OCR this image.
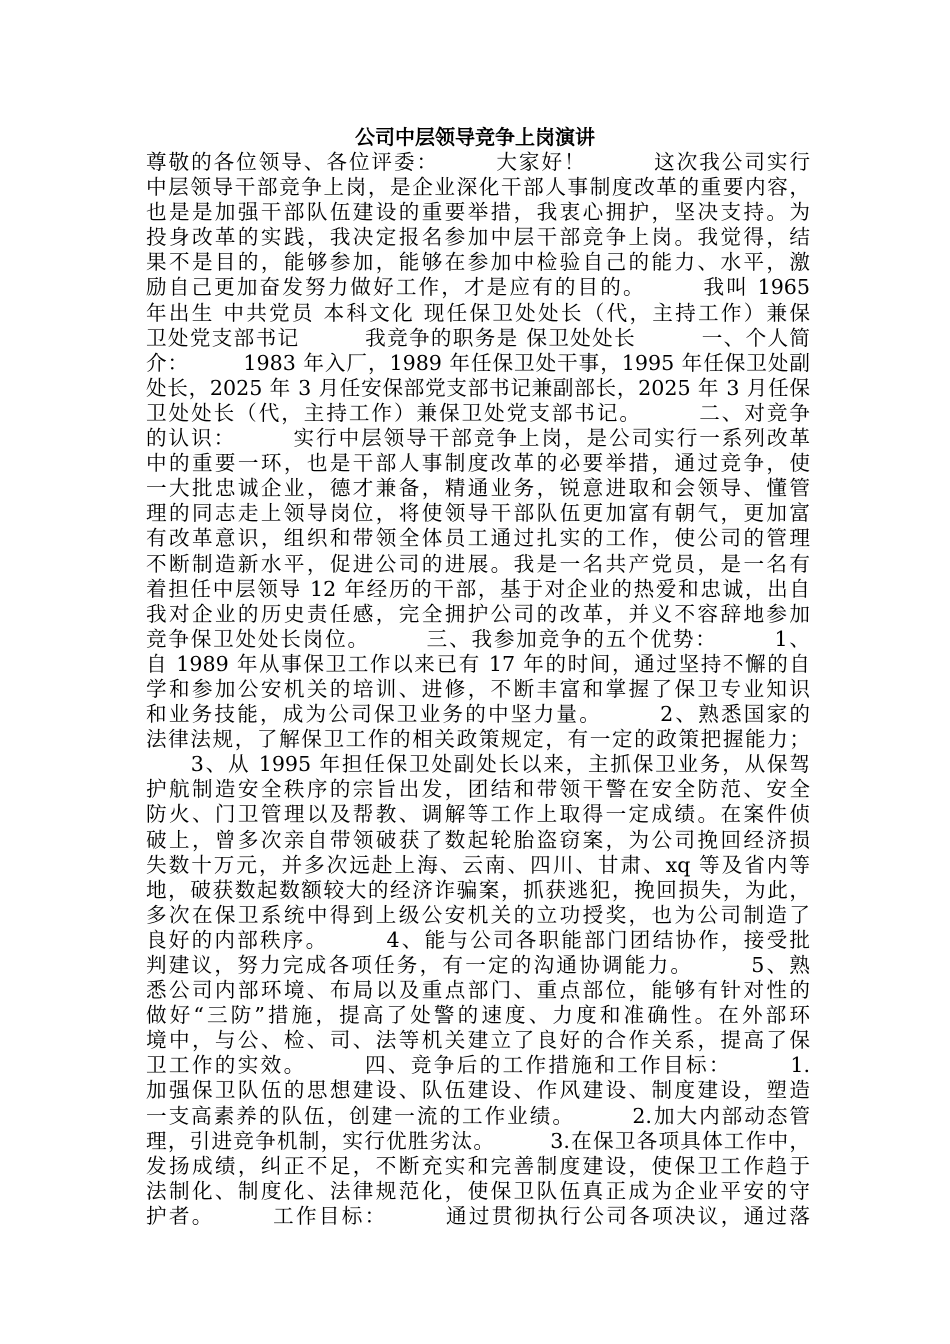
公司中层领导竞争上岗演讲
尊敬的各位领导、各位评委：　　　大家好！　　　这次我公司实行
中层领导干部竞争上岗，是企业深化干部人事制度改革的重要内容，
也是是加强干部队伍建设的重要举措，我衷心拥护，坚决支持。为
投身改革的实践，我决定报名参加中层干部竞争上岗。我觉得，结
果不是目的，能够参加，能够在参加中检验自己的能力、水平，激
励自己更加奋发努力做好工作，才是应有的目的。　　　我叫 1965
年出生 中共党员 本科文化 现任保卫处处长（代，主持工作）兼保
卫处党支部书记　　　我竞争的职务是 保卫处处长　　　一、个人简
介：　　　1983 年入厂，1989 年任保卫处干事，1995 年任保卫处副
处长，2025 年 3 月任安保部党支部书记兼副部长，2025 年 3 月任保
卫处处长（代，主持工作）兼保卫处党支部书记。　　　二、对竞争
的认识：　　　实行中层领导干部竞争上岗，是公司实行一系列改革
中的重要一环，也是干部人事制度改革的必要举措，通过竞争，使
一大批忠诚企业，德才兼备，精通业务，锐意进取和会领导、懂管
理的同志走上领导岗位，将使领导干部队伍更加富有朝气，更加富
有改革意识，组织和带领全体员工通过扎实的工作，使公司的管理
不断制造新水平，促进公司的进展。我是一名共产党员，是一名有
着担任中层领导 12 年经历的干部，基于对企业的热爱和忠诚，出自
我对企业的历史责任感，完全拥护公司的改革，并义不容辞地参加
竞争保卫处处长岗位。　　　三、我参加竞争的五个优势：　　　1、
自 1989 年从事保卫工作以来已有 17 年的时间，通过坚持不懈的自
学和参加公安机关的培训、进修，不断丰富和掌握了保卫专业知识
和业务技能，成为公司保卫业务的中坚力量。　　　2、熟悉国家的
法律法规，了解保卫工作的相关政策规定，有一定的政策把握能力；
　　3、从 1995 年担任保卫处副处长以来，主抓保卫业务，从保驾
护航制造安全秩序的宗旨出发，团结和带领干警在安全防范、安全
防火、门卫管理以及帮教、调解等工作上取得一定成绩。在案件侦
破上，曾多次亲自带领破获了数起轮胎盗窃案，为公司挽回经济损
失数十万元，并多次远赴上海、云南、四川、甘肃、xq 等及省内等
地，破获数起数额较大的经济诈骗案，抓获逃犯，挽回损失，为此，
多次在保卫系统中得到上级公安机关的立功授奖，也为公司制造了
良好的内部秩序。　　　4、能与公司各职能部门团结协作，接受批
判建议，努力完成各项任务，有一定的沟通协调能力。　　　5、熟
悉公司内部环境、布局以及重点部门、重点部位，能够有针对性的
做好“三防”措施，提高了处警的速度、力度和准确性。在外部环
境中，与公、检、司、法等机关建立了良好的合作关系，提高了保
卫工作的实效。　　　四、竞争后的工作措施和工作目标：　　　1.
加强保卫队伍的思想建设、队伍建设、作风建设、制度建设，塑造
一支高素养的队伍，创建一流的工作业绩。　　　2.加大内部动态管
理，引进竞争机制，实行优胜劣汰。　　　3.在保卫各项具体工作中，
发扬成绩，纠正不足，不断充实和完善制度建设，使保卫工作趋于
法制化、制度化、法律规范化，使保卫队伍真正成为企业平安的守
护者。　　　工作目标：　　　通过贯彻执行公司各项决议，通过落
